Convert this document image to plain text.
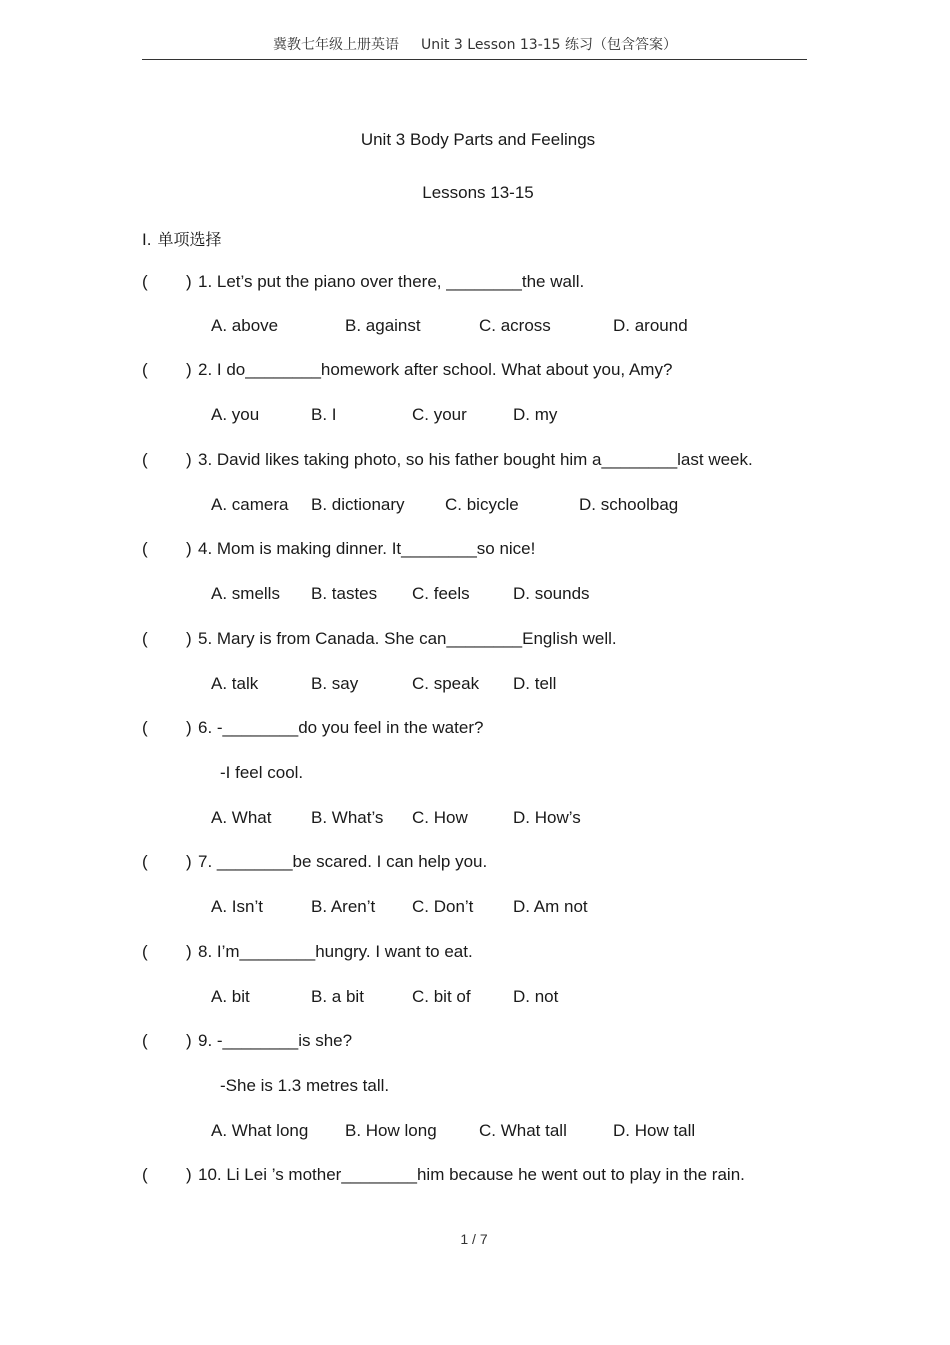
冀教七年级上册英语 Unit 3 Lesson 13-15 练习（包含答案）
Unit 3 Body Parts and Feelings
Lessons 13-15
I. 单项选择
( ) 1. Let’s put the piano over there, ________the wall.
A. above	B. against	C. across	D. around
( ) 2. I do________homework after school. What about you, Amy?
A. you	B. I	C. your	D. my
( ) 3. David likes taking photo, so his father bought him a________last week.
A. camera B. dictionary C. bicycle	D. schoolbag
( ) 4. Mom is making dinner. It________so nice!
A. smells B. tastes C. feels	D. sounds
( ) 5. Mary is from Canada. She can________English well.
A. talk	B. say	C. speak D. tell
( ) 6. -________do you feel in the water?
-I feel cool.
A. What B. What’s C. How	D. How’s
( ) 7. ________be scared. I can help you.
A. Isn’t	B. Aren’t C. Don’t D. Am not
( ) 8. I’m________hungry. I want to eat.
A. bit	B. a bit	C. bit of D. not
( ) 9. -________is she?
-She is 1.3 metres tall.
A. What long B. How long C. What tall	D. How tall
( ) 10. Li Lei ’s mother________him because he went out to play in the rain.
1 / 7
